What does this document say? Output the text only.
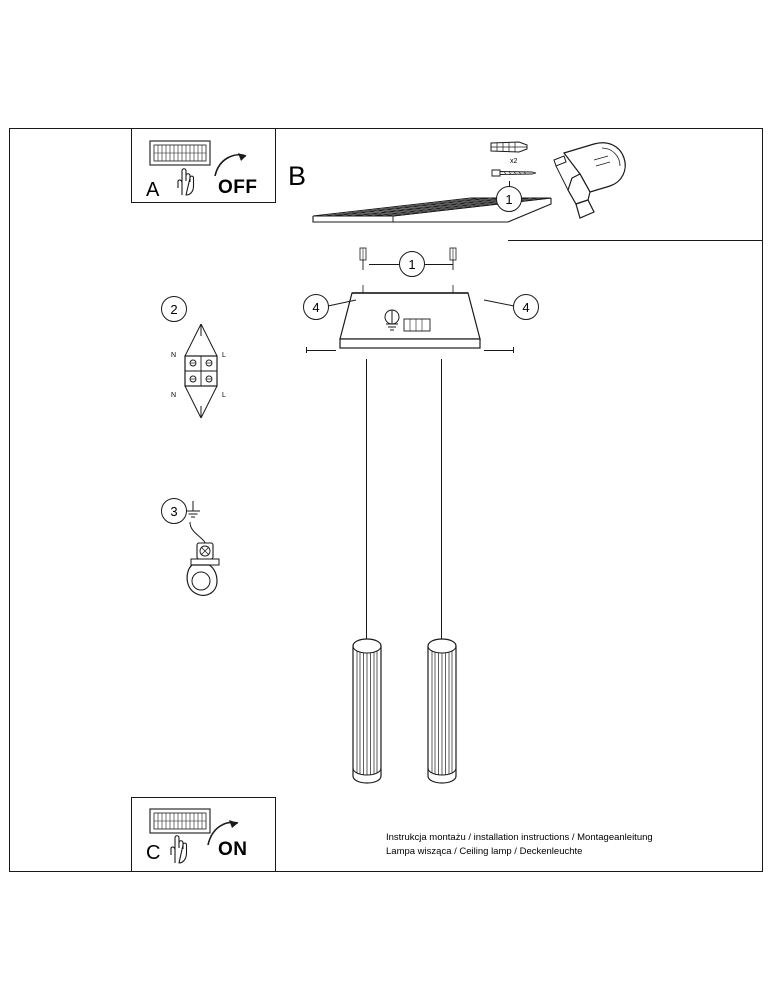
A	OFF B	x2
1
1
4	4
2
N	L
N	L
3
C	ON
Instrukcja montażu / installation instructions / Montageanleitung
Lampa wisząca / Ceiling lamp / Deckenleuchte
